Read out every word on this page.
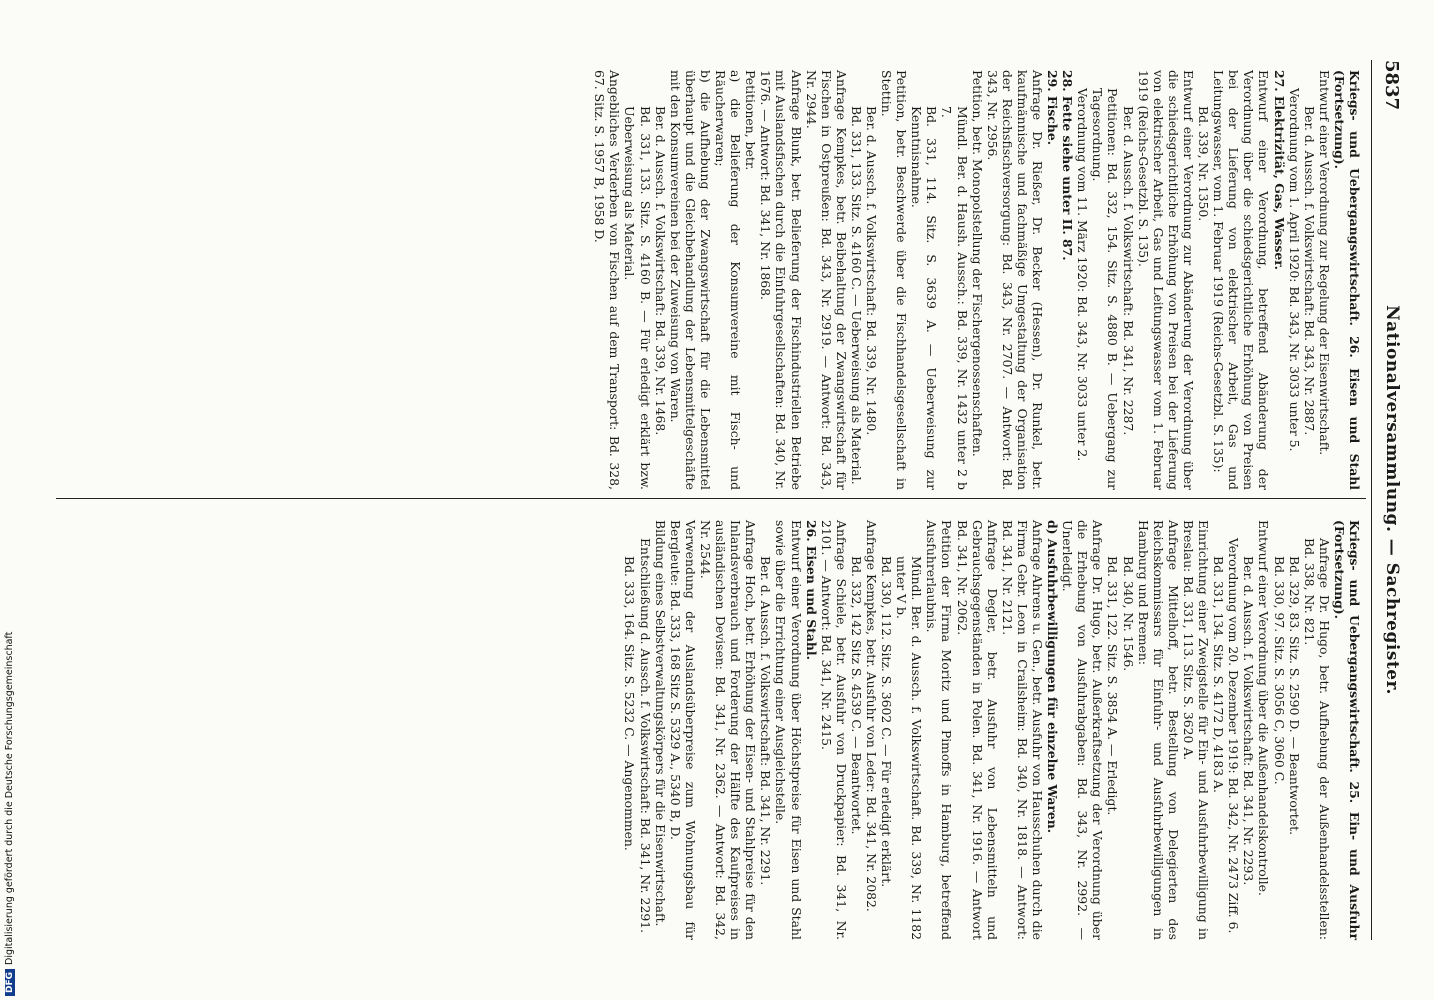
5837
Nationalversammlung. — Sachregister.

Kriegs- und Uebergangswirtschaft. 26. Eisen und Stahl (Fortsetzung).

Entwurf einer Verordnung zur Regelung der Eisenwirtschaft.

Ber. d. Aussch. f. Volkswirtschaft: Bd. 343, Nr. 2887.

Verordnung vom 1. April 1920: Bd. 343, Nr. 3033 unter 5.

27. Elektrizität, Gas, Wasser.

Entwurf einer Verordnung, betreffend Abänderung der Verordnung über die schiedsgerichtliche Erhöhung von Preisen bei der Lieferung von elektrischer Arbeit, Gas und Leitungswasser, vom 1. Februar 1919 (Reichs-Gesetzbl. S. 135):

Bd. 339, Nr. 1350.

Entwurf einer Verordnung zur Abänderung der Verordnung über die schiedsgerichtliche Erhöhung von Preisen bei der Lieferung von elektrischer Arbeit, Gas und Leitungswasser vom 1. Februar 1919 (Reichs-Gesetzbl. S. 135).

Ber. d. Aussch. f. Volkswirtschaft: Bd. 341, Nr. 2287.

Petitionen: Bd. 332, 154. Sitz. S. 4880 B. — Uebergang zur Tagesordnung.

Verordnung vom 11. März 1920: Bd. 343, Nr. 3033 unter 2.

28. Fette siehe unter II. 87.

29. Fische.

Anfrage Dr. Rießer, Dr. Becker (Hessen), Dr. Runkel, betr. kaufmännische und fachmäßige Umgestaltung der Organisation der Reichsfischversorgung: Bd. 343, Nr. 2707. — Antwort: Bd. 343, Nr. 2956.

Petition, betr. Monopolstellung der Fischergenossenschaften.

Mündl. Ber. d. Haush. Aussch.: Bd. 339, Nr. 1432 unter 2 b 7.

Bd. 331, 114. Sitz. S. 3639 A. — Ueberweisung zur Kenntnisnahme.

Petition, betr. Beschwerde über die Fischhandelsgesellschaft in Stettin.

Ber. d. Aussch. f. Volkswirtschaft: Bd. 339, Nr. 1480.

Bd. 331, 133. Sitz. S. 4160 C. — Ueberweisung als Material.

Anfrage Kempkes, betr. Beibehaltung der Zwangswirtschaft für Fischen in Ostpreußen: Bd. 343, Nr. 2919. — Antwort: Bd. 343, Nr. 2944.

Anfrage Blunk, betr. Belieferung der Fischindustriellen Betriebe mit Auslandsfischen durch die Einfuhrgesellschaften: Bd. 340, Nr. 1676. — Antwort: Bd. 341, Nr. 1868.

Petitionen, betr.

a) die Belieferung der Konsumvereine mit Fisch- und Räucherwaren;

b) die Aufhebung der Zwangswirtschaft für die Lebensmittel überhaupt und die Gleichbehandlung der Lebensmittelgeschäfte mit den Konsumvereinen bei der Zuweisung von Waren.

Ber. d. Aussch. f. Volkswirtschaft: Bd. 339, Nr. 1468.

Bd. 331, 133. Sitz. S. 4160 B. — Für erledigt erklärt bzw. Ueberweisung als Material.

Angebliches Verderben von Fischen auf dem Transport: Bd. 328, 67. Sitz. S. 1957 B, 1958 D.

Kriegs- und Uebergangswirtschaft. 25. Ein- und Ausfuhr (Fortsetzung).

Anfrage Dr. Hugo, betr. Aufhebung der Außenhandelsstellen: Bd. 338, Nr. 821.

Bd. 329, 83. Sitz. S. 2590 D. — Beantwortet.

Bd. 330, 97. Sitz. S. 3056 C, 3060 C.

Entwurf einer Verordnung über die Außenhandelskontrolle.

Ber. d. Aussch. f. Volkswirtschaft: Bd. 341, Nr. 2293.

Verordnung vom 20. Dezember 1919: Bd. 342, Nr. 2473 Ziff. 6.

Bd. 331, 134. Sitz. S. 4172 D, 4183 A.

Einrichtung einer Zweigstelle für Ein- und Ausfuhrbewilligung in Breslau: Bd. 331, 113. Sitz. S. 3620 A.

Anfrage Mittelhoff, betr. Bestellung von Delegierten des Reichskommissars für Einfuhr- und Ausfuhrbewilligungen in Hamburg und Bremen:

Bd. 340, Nr. 1546.

Bd. 331, 122. Sitz. S. 3854 A. — Erledigt.

Anfrage Dr. Hugo, betr. Außerkraftsetzung der Verordnung über die Erhebung von Ausfuhrabgaben: Bd. 343, Nr. 2992. — Unerledigt.

d) Ausfuhrbewilligungen für einzelne Waren.

Anfrage Ahrens u. Gen., betr. Ausfuhr von Hausschuhen durch die Firma Gebr. Leon in Crailsheim: Bd. 340, Nr. 1818. — Antwort: Bd. 341, Nr. 2121.

Anfrage Degler, betr. Ausfuhr von Lebensmitteln und Gebrauchsgegenständen in Polen. Bd. 341, Nr. 1916. — Antwort Bd. 341, Nr. 2062.

Petition der Firma Moritz und Pimoffs in Hamburg, betreffend Ausfuhrerlaubnis.

Mündl. Ber. d. Aussch. f. Volkswirtschaft. Bd. 339, Nr. 1182 unter V b.

Bd. 330, 112. Sitz. S. 3602 C. — Für erledigt erklärt.

Anfrage Kempkes, betr. Ausfuhr von Leder: Bd. 341, Nr. 2082.

Bd. 332, 142 Sitz S. 4539 C. — Beantwortet.

Anfrage Schiele, betr. Ausfuhr von Druckpapier: Bd. 341, Nr. 2101. — Antwort: Bd. 341, Nr. 2415.

26. Eisen und Stahl.

Entwurf einer Verordnung über Höchstpreise für Eisen und Stahl sowie über die Errichtung einer Ausgleichstelle.

Ber. d. Aussch. f. Volkswirtschaft: Bd. 341, Nr. 2291.

Anfrage Hoch, betr. Erhöhung der Eisen- und Stahlpreise für den Inlandsverbrauch und Forderung der Hälfte des Kaufpreises in ausländischen Devisen: Bd. 341, Nr. 2362. — Antwort: Bd. 342, Nr. 2544.

Verwendung der Auslandsüberpreise zum Wohnungsbau für Bergleute: Bd. 333, 168 Sitz S. 5329 A., 5340 B, D.

Bildung eines Selbstverwaltungskörpers für die Eisenwirtschaft.

Entschließung d. Aussch. f. Volkswirtschaft: Bd. 341, Nr. 2291.

Bd. 333, 164. Sitz. S. 5232 C. — Angenommen.

DFGDigitalisierung gefördert durch die Deutsche Forschungsgemeinschaft
